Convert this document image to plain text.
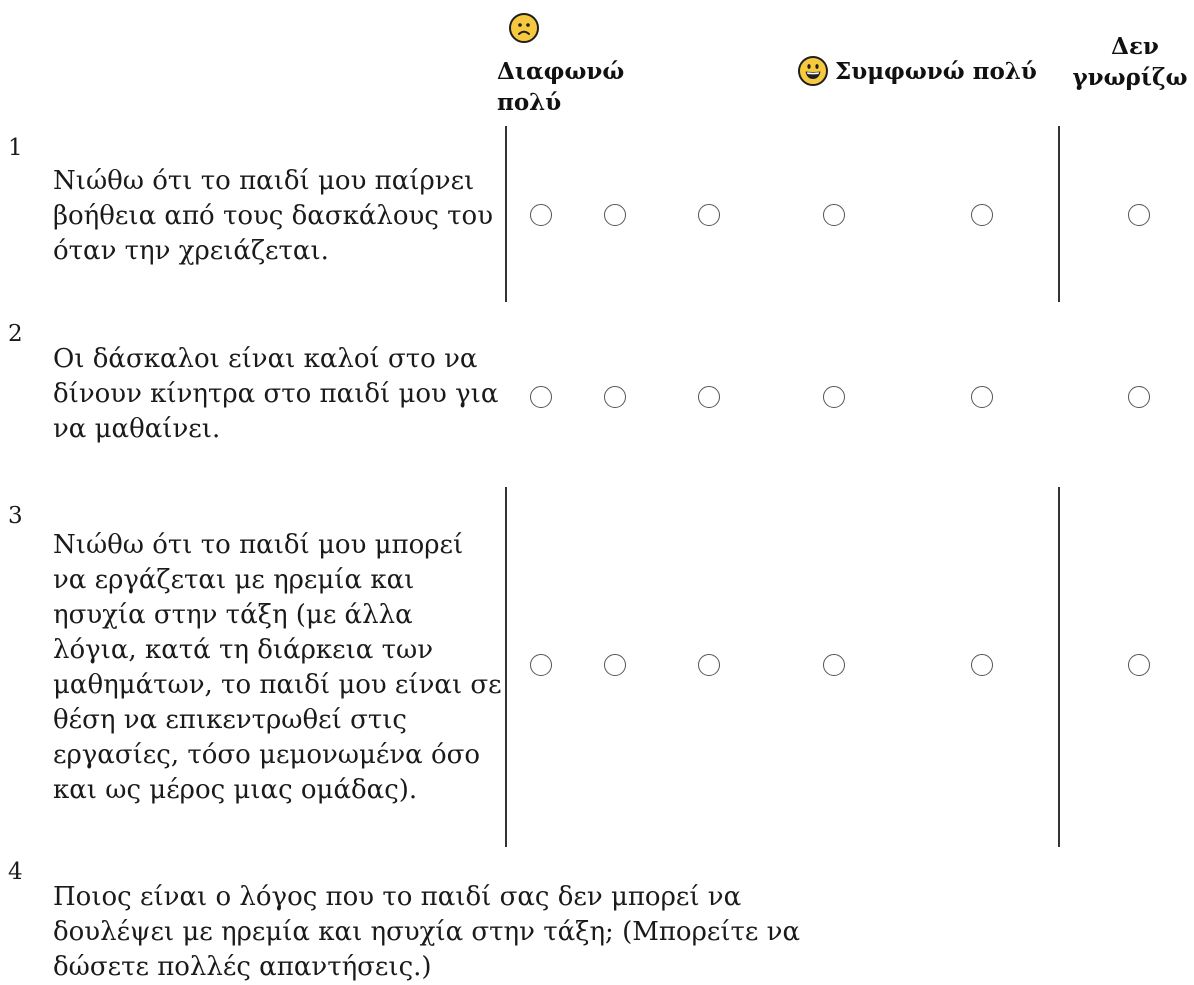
Διαφωνώ πολύ
Συμφωνώ πολύ
Δεν
γνωρίζω
1
Νιώθω ότι το παιδί μου παίρνει βοήθεια από τους δασκάλους του όταν την χρειάζεται.
2
Οι δάσκαλοι είναι καλοί στο να δίνουν κίνητρα στο παιδί μου για να μαθαίνει.
3
Νιώθω ότι το παιδί μου μπορεί να εργάζεται με ηρεμία και ησυχία στην τάξη (με άλλα λόγια, κατά τη διάρκεια των μαθημάτων, το παιδί μου είναι σε θέση να επικεντρωθεί στις εργασίες, τόσο μεμονωμένα όσο και ως μέρος μιας ομάδας).
4
Ποιος είναι ο λόγος που το παιδί σας δεν μπορεί να δουλέψει με ηρεμία και ησυχία στην τάξη; (Μπορείτε να δώσετε πολλές απαντήσεις.)
